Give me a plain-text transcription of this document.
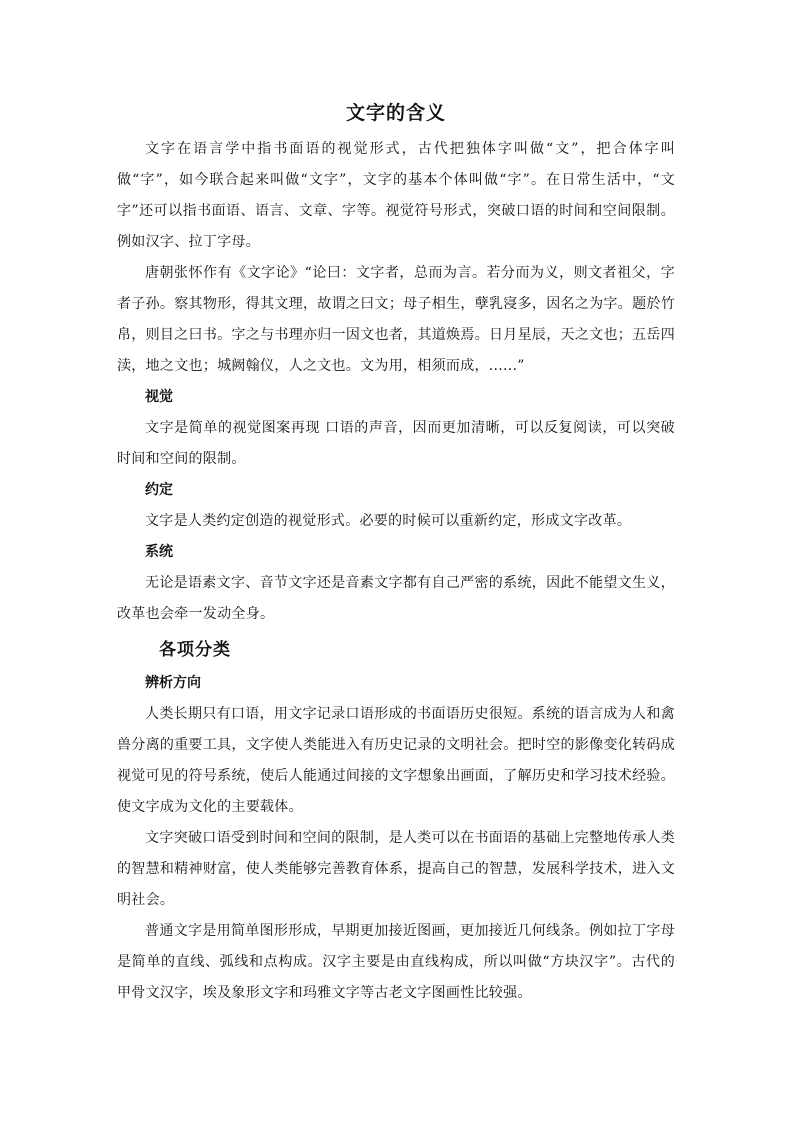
文字的含义

文字在语言学中指书面语的视觉形式，古代把独体字叫做“文”，把合体字叫做“字”，如今联合起来叫做“文字”，文字的基本个体叫做“字”。在日常生活中，“文字”还可以指书面语、语言、文章、字等。视觉符号形式，突破口语的时间和空间限制。例如汉字、拉丁字母。

唐朝张怀作有《文字论》“论曰：文字者，总而为言。若分而为义，则文者祖父，字者子孙。察其物形，得其文理，故谓之曰文；母子相生，孽乳寖多，因名之为字。题於竹帛，则目之曰书。字之与书理亦归一因文也者，其道焕焉。日月星辰，天之文也；五岳四渎，地之文也；城阙翰仪，人之文也。文为用，相须而成，......”

视觉

文字是简单的视觉图案再现 口语的声音，因而更加清晰，可以反复阅读，可以突破时间和空间的限制。

约定

文字是人类约定创造的视觉形式。必要的时候可以重新约定，形成文字改革。

系统

无论是语素文字、音节文字还是音素文字都有自己严密的系统，因此不能望文生义，改革也会牵一发动全身。

各项分类
辨析方向

人类长期只有口语，用文字记录口语形成的书面语历史很短。系统的语言成为人和禽兽分离的重要工具，文字使人类能进入有历史记录的文明社会。把时空的影像变化转码成视觉可见的符号系统，使后人能通过间接的文字想象出画面，了解历史和学习技术经验。使文字成为文化的主要载体。

文字突破口语受到时间和空间的限制，是人类可以在书面语的基础上完整地传承人类的智慧和精神财富，使人类能够完善教育体系，提高自己的智慧，发展科学技术，进入文明社会。

普通文字是用简单图形形成，早期更加接近图画，更加接近几何线条。例如拉丁字母是简单的直线、弧线和点构成。汉字主要是由直线构成，所以叫做“方块汉字”。古代的甲骨文汉字，埃及象形文字和玛雅文字等古老文字图画性比较强。
